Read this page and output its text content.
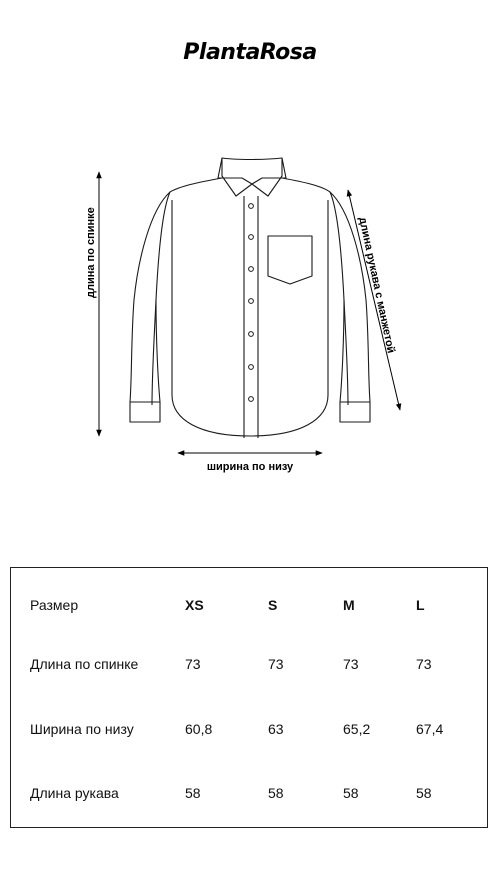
PlantaRosa
длина по спинке
ширина по низу
длина рукава с манжетой
Размер	XS	S	M	L
Длина по спинке	73	73	73	73
Ширина по низу	60,8	63	65,2	67,4
Длина рукава	58	58	58	58
